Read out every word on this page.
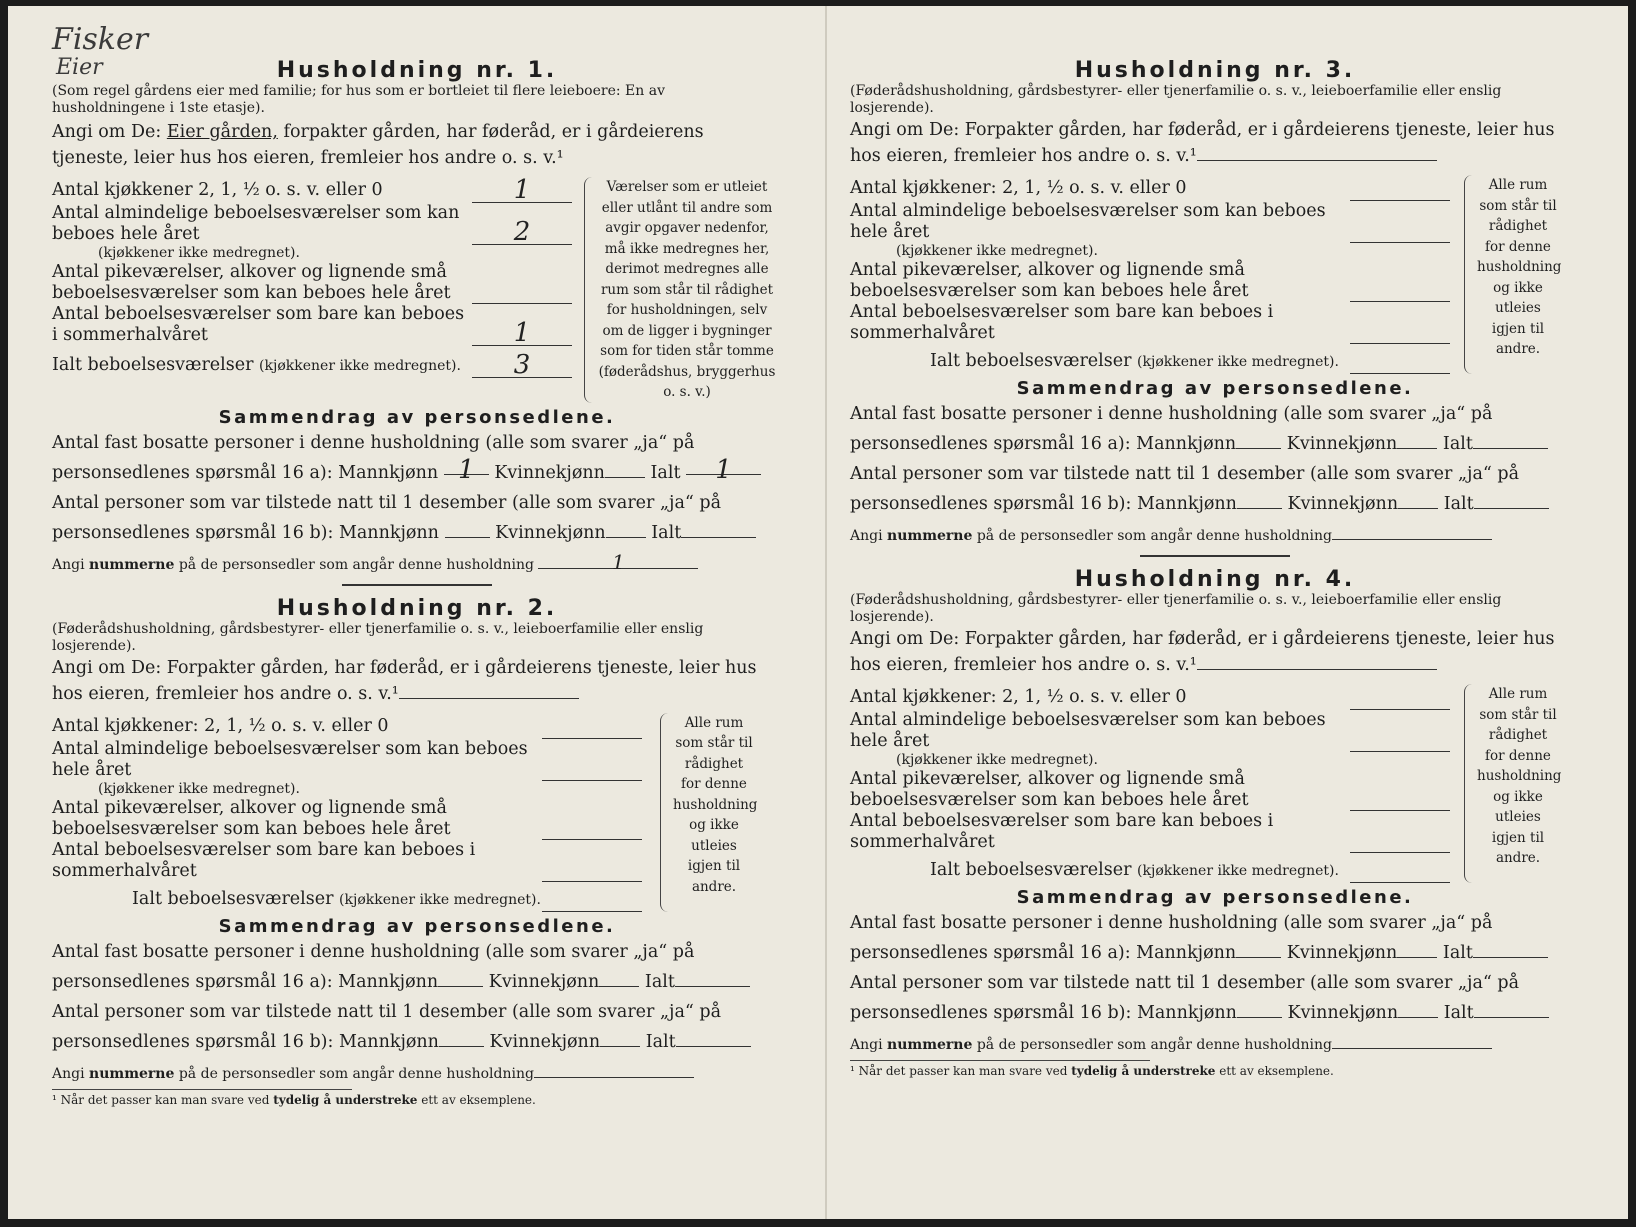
Fisker
Husholdning nr. 1.
(Som regel gårdens eier med familie; for hus som er bortleiet til flere leieboere: En av husholdningene i 1ste etasje).
Angi om De: Eier gården, forpakter gården, har føderåd, er i gårdeierens tjeneste, leier hus hos eieren, fremleier hos andre o. s. v.¹
Antal kjøkkener 2, 1, ½ o. s. v. eller 0	1
Antal almindelige beboelsesværelser som kan beboes hele året	2
(kjøkkener ikke medregnet).
Antal pikeværelser, alkover og lignende små beboelsesværelser som kan beboes hele året
Antal beboelsesværelser som bare kan beboes i sommerhalvåret	1
Ialt beboelsesværelser (kjøkkener ikke medregnet).	3
Værelser som er utleiet eller utlånt til andre som avgir opgaver nedenfor, må ikke medregnes her, derimot medregnes alle rum som står til rådighet for husholdningen, selv om de ligger i bygninger som for tiden står tomme (føderådshus, bryggerhus o. s. v.)
Sammendrag av personsedlene.
Antal fast bosatte personer i denne husholdning (alle som svarer „ja“ på personsedlenes spørsmål 16 a): Mannkjønn 1 Kvinnekjønn	Ialt 1
Antal personer som var tilstede natt til 1 desember (alle som svarer „ja“ på personsedlenes spørsmål 16 b): Mannkjønn	Kvinnekjønn	Ialt
Angi nummerne på de personsedler som angår denne husholdning	1
Husholdning nr. 2.
(Føderådshusholdning, gårdsbestyrer- eller tjenerfamilie o. s. v., leieboerfamilie eller enslig losjerende).
Angi om De: Forpakter gården, har føderåd, er i gårdeierens tjeneste, leier hus hos eieren, fremleier hos andre o. s. v.¹
Antal kjøkkener: 2, 1, ½ o. s. v. eller 0
Antal almindelige beboelsesværelser som kan beboes hele året
(kjøkkener ikke medregnet).
Antal pikeværelser, alkover og lignende små beboelsesværelser som kan beboes hele året
Antal beboelsesværelser som bare kan beboes i sommerhalvåret
Ialt beboelsesværelser (kjøkkener ikke medregnet).
Alle rum som står til rådighet for denne husholdning og ikke utleies igjen til andre.
Sammendrag av personsedlene.
Antal fast bosatte personer i denne husholdning (alle som svarer „ja“ på personsedlenes spørsmål 16 a): Mannkjønn	Kvinnekjønn	Ialt
Antal personer som var tilstede natt til 1 desember (alle som svarer „ja“ på personsedlenes spørsmål 16 b): Mannkjønn	Kvinnekjønn	Ialt
Angi nummerne på de personsedler som angår denne husholdning
¹ Når det passer kan man svare ved tydelig å understreke ett av eksemplene.
Husholdning nr. 3.
(Føderådshusholdning, gårdsbestyrer- eller tjenerfamilie o. s. v., leieboerfamilie eller enslig losjerende).
Angi om De: Forpakter gården, har føderåd, er i gårdeierens tjeneste, leier hus hos eieren, fremleier hos andre o. s. v.¹
Antal kjøkkener: 2, 1, ½ o. s. v. eller 0
Antal almindelige beboelsesværelser som kan beboes hele året
(kjøkkener ikke medregnet).
Antal pikeværelser, alkover og lignende små beboelsesværelser som kan beboes hele året
Antal beboelsesværelser som bare kan beboes i sommerhalvåret
Ialt beboelsesværelser (kjøkkener ikke medregnet).
Alle rum som står til rådighet for denne husholdning og ikke utleies igjen til andre.
Sammendrag av personsedlene.
Antal fast bosatte personer i denne husholdning (alle som svarer „ja“ på personsedlenes spørsmål 16 a): Mannkjønn	Kvinnekjønn	Ialt
Antal personer som var tilstede natt til 1 desember (alle som svarer „ja“ på personsedlenes spørsmål 16 b): Mannkjønn	Kvinnekjønn	Ialt
Angi nummerne på de personsedler som angår denne husholdning
Husholdning nr. 4.
(Føderådshusholdning, gårdsbestyrer- eller tjenerfamilie o. s. v., leieboerfamilie eller enslig losjerende).
Angi om De: Forpakter gården, har føderåd, er i gårdeierens tjeneste, leier hus hos eieren, fremleier hos andre o. s. v.¹
Antal kjøkkener: 2, 1, ½ o. s. v. eller 0
Antal almindelige beboelsesværelser som kan beboes hele året
(kjøkkener ikke medregnet).
Antal pikeværelser, alkover og lignende små beboelsesværelser som kan beboes hele året
Antal beboelsesværelser som bare kan beboes i sommerhalvåret
Ialt beboelsesværelser (kjøkkener ikke medregnet).
Alle rum som står til rådighet for denne husholdning og ikke utleies igjen til andre.
Sammendrag av personsedlene.
Antal fast bosatte personer i denne husholdning (alle som svarer „ja“ på personsedlenes spørsmål 16 a): Mannkjønn	Kvinnekjønn	Ialt
Antal personer som var tilstede natt til 1 desember (alle som svarer „ja“ på personsedlenes spørsmål 16 b): Mannkjønn	Kvinnekjønn	Ialt
Angi nummerne på de personsedler som angår denne husholdning
¹ Når det passer kan man svare ved tydelig å understreke ett av eksemplene.
Eier
